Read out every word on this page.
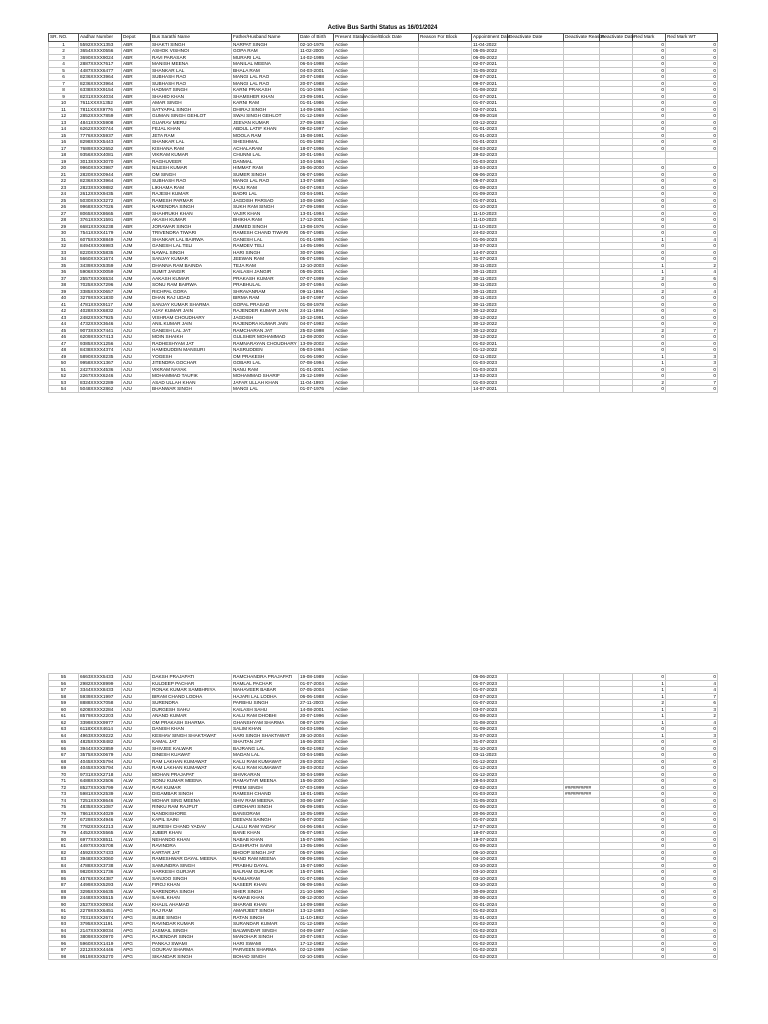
Active Bus Sarthi Status as 16/01/2024
SR. NO.	Aadhar Number	Depot	Bus Sarathi Name	Father/Husband Name	Date of Birth	Present Status	Active/Block Date	Reason For Block	Appointment Date	Deactivate Date	Deactivate Reason	Reactivate Date	Red Mark	Red Mark WT
1	5592XXXX1353	ABR	SHAKTI SINGH	NARPAT SINGH	02-10-1975	Active			11-04-2022				0	0
2	3654XXXX0556	ABR	ASHOK VISHNOI	GOPA RAM	11-02-2000	Active			05-05-2022				0	0
3	3690XXXX9024	ABR	RAVI PARASAR	MURARI LAL	14-02-1995	Active			06-05-2022				0	0
4	2887XXXX7617	ABR	MANISH MEENA	MANILAL MEENA	06-04-1998	Active			02-07-2021				0	0
5	4487XXXX6477	ABR	SHANKAR LAL	BHALA RAM	04-03-2001	Active			31-05-2022				0	0
6	8236XXXX3964	ABR	SUBHASH RAO	MANGI LAL RAO	20-07-1988	Active			09-07-2021				0	0
7	8236XXXX3964	ABR	SUBHASH RAO	MANGI LAL RAO	20-07-1988	Active			09-07-2021				0	0
8	6338XXXX9154	ABR	HADMAT SINGH	KARNI PRAKASH	01-10-1994	Active			01-08-2022				0	0
9	8231XXXX4034	ABR	SHAHID KHAN	SHAMSHER KHAN	23-09-1991	Active			01-07-2021				0	0
10	7611XXXX1352	ABR	AMAR SINGH	KARNI RAM	01-01-1986	Active			01-07-2021				0	0
11	7811XXXX9776	ABR	SATYAPAL SINGH	DHIRAJ SINGH	14-09-1984	Active			02-07-2021				0	0
12	2852XXXX7859	ABR	GUMAN SINGH GEHLOT	SWAI SINGH GEHLOT	01-12-1969	Active			05-09-2018				0	0
13	4841XXXX5908	ABR	GUARAV MERU	JEEVAN KUMAR	27-09-1993	Active			03-12-2022				0	0
14	6262XXXX0744	ABR	FEJAL KHAN	ABDUL LATIF KHAN	09-02-1997	Active			01-01-2023				0	0
15	7776XXXX5937	ABR	JETA RAM	MOOLA RAM	15-08-1991	Active			01-01-2023				0	0
16	8298XXXX5443	ABR	SHANKAR LAL	SHESHMAL	01-05-1992	Active			01-01-2023				0	0
17	7689XXXX2652	ABR	KISHANA RAM	ACHALARAM	18-07-1996	Active			04-03-2022				0	0
18	9356XXXX4081	ABR	VIKRAM KUMAR	CHUNNI LAL	20-01-1994	Active			28-02-2023					
19	3013XXXX3070	ABR	RAGHUVEER	DANMAL	10-04-1984	Active			01-03-2023					
20	9960XXXX3987	ABR	NILESH KUMAR	HIMMAT RAM	25-06-2000	Active			10-04-2023				0	0
21	2820XXXX0944	ABR	OM SINGH	SUMER SINGH	06-07-1996	Active			06-06-2023				0	0
22	8236XXXX3964	ABR	SUBHASH RAO	MANGI LAL RAO	13-07-1988	Active			05-07-2023				0	0
23	2823XXXX9882	ABR	LIKHAMA RAM	RAJU RAM	04-07-1993	Active			01-09-2023				0	0
24	2612XXXX9435	ABR	RAJESH KUMAR	BADRI LAL	03-04-1991	Active			01-09-2023				0	0
25	5030XXXX3272	ABR	RAMESH PARMAR	JAGDISH PARSAD	10-08-1960	Active			01-07-2021				0	0
26	9968XXXX7026	ABR	NARENDRA SINGH	SUKH RAM SINGH	27-09-1998	Active			01-10-2023				0	0
27	8065XXXX8665	ABR	SHAHRUKH KHAN	VAJIR KHAN	13-01-1994	Active			11-10-2023				0	0
28	3761XXXX1591	ABR	AKASH KUMAR	BHIKHA RAM	17-12-2001	Active			11-10-2023				0	0
29	6681XXXX6238	ABR	JORAWAR SINGH	JIMMED SINGH	13-08-1976	Active			11-10-2023				0	0
30	7541XXXX4179	AJM	TRIVENDRA TIWARI	RAMESH CHAND TIWARI	05-07-1985	Active			24-02-2023				0	0
31	6075XXXX8849	AJM	SHANKAR LAL BAIRWA	GANESH LAL	01-01-1995	Active			01-06-2023				1	4
32	8494XXXX6983	AJM	GANESH LAL TELI	RAMDEV TELI	14-05-1996	Active			10-07-2023				0	0
33	8220XXXX5835	AJM	NAWAL SINGH	HARI SINGH	30-07-1996	Active			14-07-2023				0	0
34	5660XXXX1674	AJM	SANJAY KUMAR	JEEWAN RAM	05-07-1995	Active			31-07-2023				0	0
35	3439XXXX5359	AJM	DHANNA RAM BAINDA	TEJA RAM	12-10-2003	Active			30-11-2023				1	2
36	5906XXXX0059	AJM	SUMIT JANGIR	KAILASH JANGIR	05-05-2001	Active			30-11-2023				1	4
37	2557XXXX6534	AJM	AAKASH KUMAR	PRAKASH KUMAR	07-07-1999	Active			30-11-2023				2	6
38	7025XXXX7296	AJM	SONU RAM BAIRWA	PRABHULAL	20-07-1994	Active			30-11-2023				0	0
39	3385XXXX0657	AJM	RICHPAL GORA	SHRAVANRAM	09-11-1994	Active			30-11-2023				2	4
40	3279XXXX1830	AJM	DHAN RAJ UDAD	BIRMA RAM	16-07-1997	Active			30-11-2023				0	0
41	4781XXXX9117	AJM	SANJAY KUMAR SHARMA	GOPAL PRASAD	01-08-1978	Active			30-11-2023				0	0
42	4028XXXX6832	AJU	AJAY KUMAR JAIN	RAJENDER KUMAR JAIN	24-11-1994	Active			30-12-2022				0	0
43	2482XXXX7925	AJU	VISHRAM CHOUDHARY	JAGDISH	10-12-1991	Active			30-12-2022				0	0
44	4732XXXX3646	AJU	ANIL KUMAR JAIN	RAJENDRA KUMAR JAIN	04-07-1992	Active			30-12-2022				0	0
45	9073XXXX7441	AJU	GANESH LAL JAT	RAMCHARAN JAT	25-02-1998	Active			30-12-2022				2	7
46	6209XXXX7413	AJU	MOIN SHAIKH	GULSHER MOHAMMAD	12-08-2000	Active			30-12-2022				0	0
47	9385XXXX1256	AJU	RADHESHYAM JAT	RAMNARAYAN CHOUDHARY	13-09-2002	Active			01-02-2021				0	0
48	8438XXXX4374	AJU	HAMIDUDDIN MANSURI	NASRUDDEN	05-03-1994	Active			01-12-2022				0	0
49	5890XXXX8235	AJU	YOGESH	OM PRAKESH	01-06-1990	Active			02-11-2022				1	3
50	9958XXXX1367	AJU	JITENDRA GOCHAR	GOBARI LAL	07-08-1994	Active			01-03-2023				1	3
51	2427XXXX4536	AJU	VIKRAM NAYAK	NANU RAM	01-01-2001	Active			01-03-2023				0	0
52	2267XXXX6246	AJU	MOHAMMAD TAUFIK	MOHAMMAD SHARIF	25-12-1999	Active			13-02-2023				0	0
53	8324XXXX2289	AJU	ASAD ULLAH KHAN	JAFAR ULLAH KHAN	11-04-1993	Active			01-03-2023				2	7
54	5048XXXX2862	AJU	BHANWAR SINGH	MANGI LAL	01-07-1976	Active			14-07-2021				0	0
55	6663XXXX5433	AJU	DAKSH PRAJAPATI	RAMCHANDRA PRAJAPATI	19-08-1989	Active			05-06-2023				0	0
56	2982XXXX8999	AJU	KULDEEP PACHAR	RAMLAL PACHAR	01-07-2004	Active			01-07-2023				1	4
57	3344XXXX8433	AJU	RONAK KUMAR SAMBHRIYA	MAHAVEER BABAR	07-05-2004	Active			01-07-2023				1	4
58	5939XXXX1997	AJU	BIRAM CHAND LODHA	HAJARI LAL LODHA	06-06-1988	Active			03-07-2023				1	7
59	8888XXXX7058	AJU	SURENDRA	PARBHU SINGH	27-11-2003	Active			01-07-2023				2	6
60	6208XXXX2284	AJU	DURGESH SAHU	KAILASH SAHU	14-08-2001	Active			03-07-2023				1	3
61	8579XXXX2203	AJU	ANAND KUMAR	KALU RAM DHOBHI	20-07-1996	Active			01-08-2023				1	2
62	3399XXXX9977	AJU	OM PRAKASH SHARMA	GHANSHYAM SHARMA	08-07-1979	Active			31-08-2023				1	4
63	6118XXXX4614	AJU	DANISH KHAN	SALIM KHAN	04-03-1996	Active			01-09-2023				0	0
64	4963XXXX9222	AJU	KESHAV SINGH SHAKTAWAT	HARI SINGH SHAKTAWAT	28-10-2004	Active			31-07-2023				1	3
65	4825XXXX8482	AJU	KAMAL JAT	SHAITAN JAT	16-06-2003	Active			31-07-2023				0	0
66	3944XXXX2859	AJU	SHIVJEE KALWAR	BAJRANG LAL	05-02-1992	Active			31-10-2023				0	0
67	3575XXXX0679	AJU	DINESH KUAWAT	MADAN LAL	03-04-1985	Active			03-11-2023				0	0
68	4045XXXX5794	AJU	RAM LAKHAN KUMAWAT	KALU RAM KUMAWAT	26-03-2002	Active			01-12-2023				0	0
69	4045XXXX5794	AJU	RAM LAKHAN KUMAWAT	KALU RAM KUMAWAT	26-03-2002	Active			01-12-2023				0	0
70	9731XXXX2718	AJU	MOHAN PRAJAPAT	SHIVKARAN	30-04-1999	Active			01-12-2023				0	0
71	6488XXXX2506	ALW	SONU KUMAR MEENA	RAMAVTAR MEENA	15-06-2000	Active			28-04-2023				0	0
72	8527XXXX5799	ALW	RAVI KUMAR	PREM SINGH	07-03-1999	Active			02-02-2023		##########		0	0
73	5981XXXX2539	ALW	DIGAMBAR SINGH	RAMESH CHAND	18-01-1985	Active			01-03-2023		##########		0	0
74	7251XXXX8646	ALW	MOHAR SING MEENA	SHIV RAM MEENA	30-06-1987	Active			31-05-2023				0	0
75	4835XXXX1087	ALW	RINKU RAM RAJPUT	GIRDHARI SINGH	06-09-1985	Active			01-06-2023				0	0
76	7861XXXX4029	ALW	NANDKISHORE	BANSORAM	10-05-1999	Active			20-06-2023				0	0
77	6729XXXX4946	ALW	KAPIL SAINI	DEEVAN SAINGH	05-07-2002	Active			01-07-2023				0	0
78	7782XXXX4213	ALW	SURESH CHAND YADAV	LALLU RAM YADAV	04-06-1984	Active			17-07-2023				0	0
79	4452XXXX5565	ALW	JUBER KHAN	BANE KHAN	05-07-1993	Active			18-07-2023				0	0
80	6977XXXX8511	ALW	NEHANDO KHAN	NABAB KHAN	15-07-1996	Active			19-07-2023				0	0
81	4497XXXX5708	ALW	RAVINDRA	DASHRATH SAINI	13-05-1996	Active			01-09-2023				0	0
82	4592XXXX7433	ALW	KARTAR JAT	BHOOP SINGH JAT	05-07-1996	Active			05-10-2023				0	0
83	3948XXXX3060	ALW	RAMESHWAR DAYAL MEENA	NAND RAM MEENA	08-09-1995	Active			04-10-2023				0	0
84	4788XXXX3738	ALW	SAMUNDRA SINGH	PRABHU DAYAL	15-07-1990	Active			03-10-2023				0	0
85	9820XXXX1736	ALW	HARKESH GURJAR	BALRAM GURJAR	15-07-1991	Active			03-10-2023				0	0
86	4576XXXX4387	ALW	SANJOO SINGH	NANUARAM	01-07-1986	Active			03-10-2023				0	0
87	4499XXXX5293	ALW	FIROJ KHAN	NASEER KHAN	06-09-1994	Active			03-10-2023				0	0
88	3295XXXX6635	ALW	NARENDRA SINGH	SHER SINGH	21-10-1990	Active			30-09-2023				0	0
89	2448XXXX5515	ALW	SAHIL KHAN	NAWAB KHAN	08-12-2000	Active			30-06-2023				0	0
90	2527XXXX0934	ALW	KHALIL AHAMAD	SHARAB KHAN	14-09-1998	Active			01-01-2024				0	0
91	2279XXXX6451	APG	RAJ RAM	AMARJEET SINGH	13-12-1993	Active			01-02-2023				0	0
92	7031XXXX2674	APG	SUBE SINGH	RATAN SINGH	11-10-1982	Active			31-01-2023				0	0
93	3795XXXX1191	APG	RAVINDAR KUMAR	SURANDAR KUMAR	01-12-1989	Active			01-02-2023				0	0
94	2147XXXX8034	APG	JASMAIL SINGH	BALWINDAR SINGH	04-09-1987	Active			01-02-2023				0	0
95	3809XXXX0970	APG	RAJENDAR SINGH	MANOHAR SINGH	20-07-1993	Active			01-02-2023				0	0
96	5960XXXX1419	APG	PANKAJ SWAMI	HARI SWAMI	17-12-1982	Active			01-02-2023				0	0
97	2212XXXX4446	APG	GOURAV SHARMA	PARVEEN SHARMA	02-12-1999	Active			01-02-2023				0	0
98	9519XXXX5270	APG	SIKANDAR SINGH	BOHAD SINGH	02-10-1985	Active			01-02-2023				0	0
